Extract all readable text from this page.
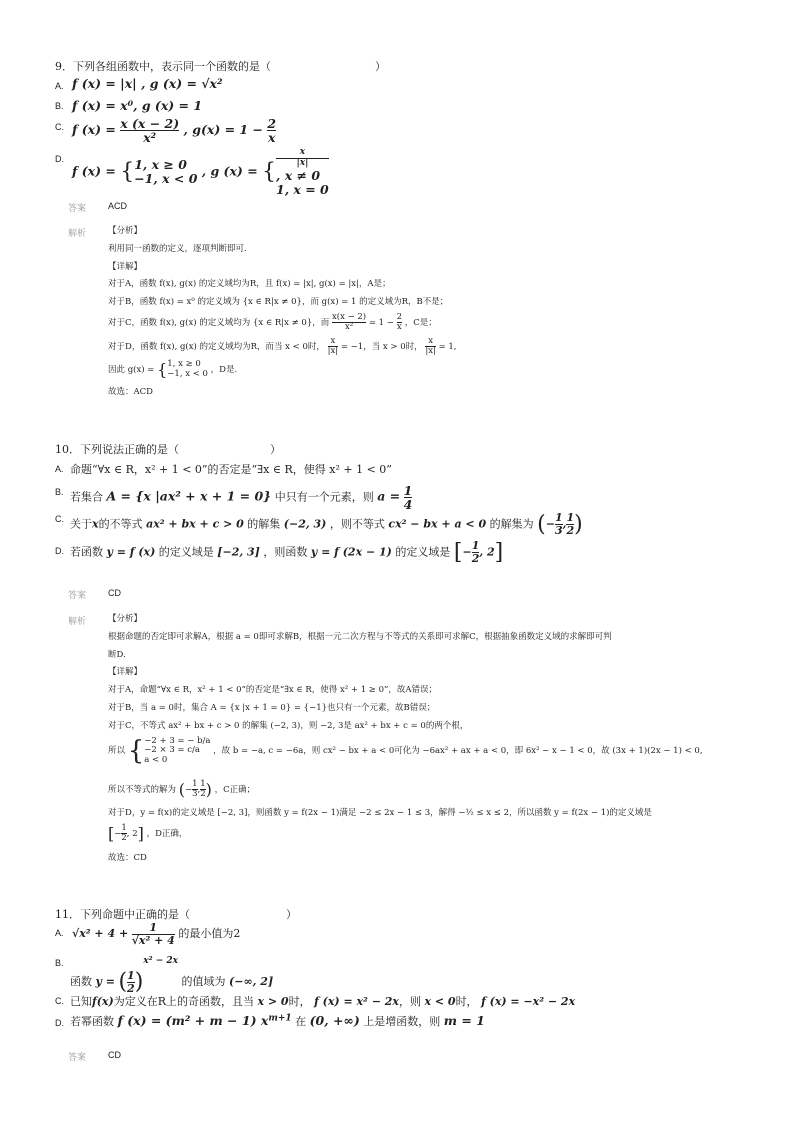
9．下列各组函数中，表示同一个函数的是（	）
A. f (x) = |x| , g (x) = √x²
B. f (x) = x⁰, g (x) = 1
C. f $(x) = \frac{x (x - 2)}{\text{x²}}$ , $g(x) = 1 - \frac{2}{x}$
D.
f (x) = { 1, x ≥ 0
−1, x < 0 , g (x) = {
x
|x|
, x ≠ 0
1, x = 0
答案 ACD
解析	【分析】
利用同一函数的定义，逐项判断即可.
【详解】
对于A，函数 f(x), g(x) 的定义域均为R，且 f(x) = |x|, g(x) = |x|，A是；
对于B，函数 f(x) = x⁰ 的定义域为 {x ∈ R|x ≠ 0}，而 g(x) = 1 的定义域为R，B不是；
对于C，函数 f(x), g(x) 的定义域均为 {x ∈ R|x ≠ 0}，而 $\frac{x(x - 2)}{\text{x²}} = 1 - \frac{2}{x}$ ，C是；
对于D，函数 f(x), g(x) 的定义域均为R，而当 x < 0时， $\frac{x}{|x|} = -1$，当 x > 0时， $\frac{x}{|x|} = 1$,
因此 g(x) = { 1, x ≥ 0
−1, x < 0 ，D是.
故选：ACD
10．下列说法正确的是（	）
A. 命题“∀x ∈ R，x² + 1 < 0”的否定是“∃x ∈ R，使得 x² + 1 < 0”
B. 若集合 A = {x |ax² + x + 1 = 0} 中只有一个元素，则 $a = \frac{1}{4}$
C. 关于x的不等式 ax² + bx + c > 0 的解集 (−2, 3) ，则不等式 cx² − bx + a < 0 的解集为 (− $\frac{1}{3}$ , $\frac{1}{2}$ )
D. 若函数 y = f (x) 的定义域是 [−2, 3] ，则函数 y = f (2x − 1) 的定义域是 [− $\frac{1}{2}$ , 2]
答案 CD
解析	【分析】
根据命题的否定即可求解A，根据 a = 0即可求解B，根据一元二次方程与不等式的关系即可求解C，根据抽象函数定义域的求解即可判
断D.
【详解】
对于A，命题“∀x ∈ R，x² + 1 < 0”的否定是“∃x ∈ R，使得 x² + 1 ≥ 0”，故A错误；
对于B，当 a = 0时，集合 A = {x |x + 1 = 0} = {−1}也只有一个元素，故B错误；
对于C，不等式 ax² + bx + c > 0 的解集 (−2, 3)，则 −2, 3是 ax² + bx + c = 0的两个根，
所以 { −2 + 3 = − b/a
−2 × 3 = c/a
a < 0
，故 b = −a, c = −6a，则 cx² − bx + a < 0可化为 −6ax² + ax + a < 0，即 6x² − x − 1 < 0，故 (3x + 1)(2x − 1) < 0,
所以不等式的解为 (− $\frac{1}{3}$ , $\frac{1}{2}$ ) ，C正确；
对于D，y = f(x)的定义域是 [−2, 3]，则函数 y = f(2x − 1)满足 −2 ≤ 2x − 1 ≤ 3，解得 −½ ≤ x ≤ 2，所以函数 y = f(2x − 1)的定义域是
[− $\frac{1}{2}$ , 2] ，D正确，
故选：CD
11．下列命题中正确的是（	）
A. $√x^2 + 4 + \frac{1}{\text{√x² + 4}}$ 的最小值为2
B.
函数 y = ( $\frac{1}{2} )^{x^2 - 2x}$ 的值域为 (−∞, 2]
C. 已知f(x)为定义在R上的奇函数，且当 x > 0时， f (x) = x² − 2x，则 x < 0时， f (x) = −x² − 2x
D. 若幂函数 f (x) = (m² + m − 1) $x^{m+1}$ 在 (0, +∞) 上是增函数，则 m = 1
答案 CD
